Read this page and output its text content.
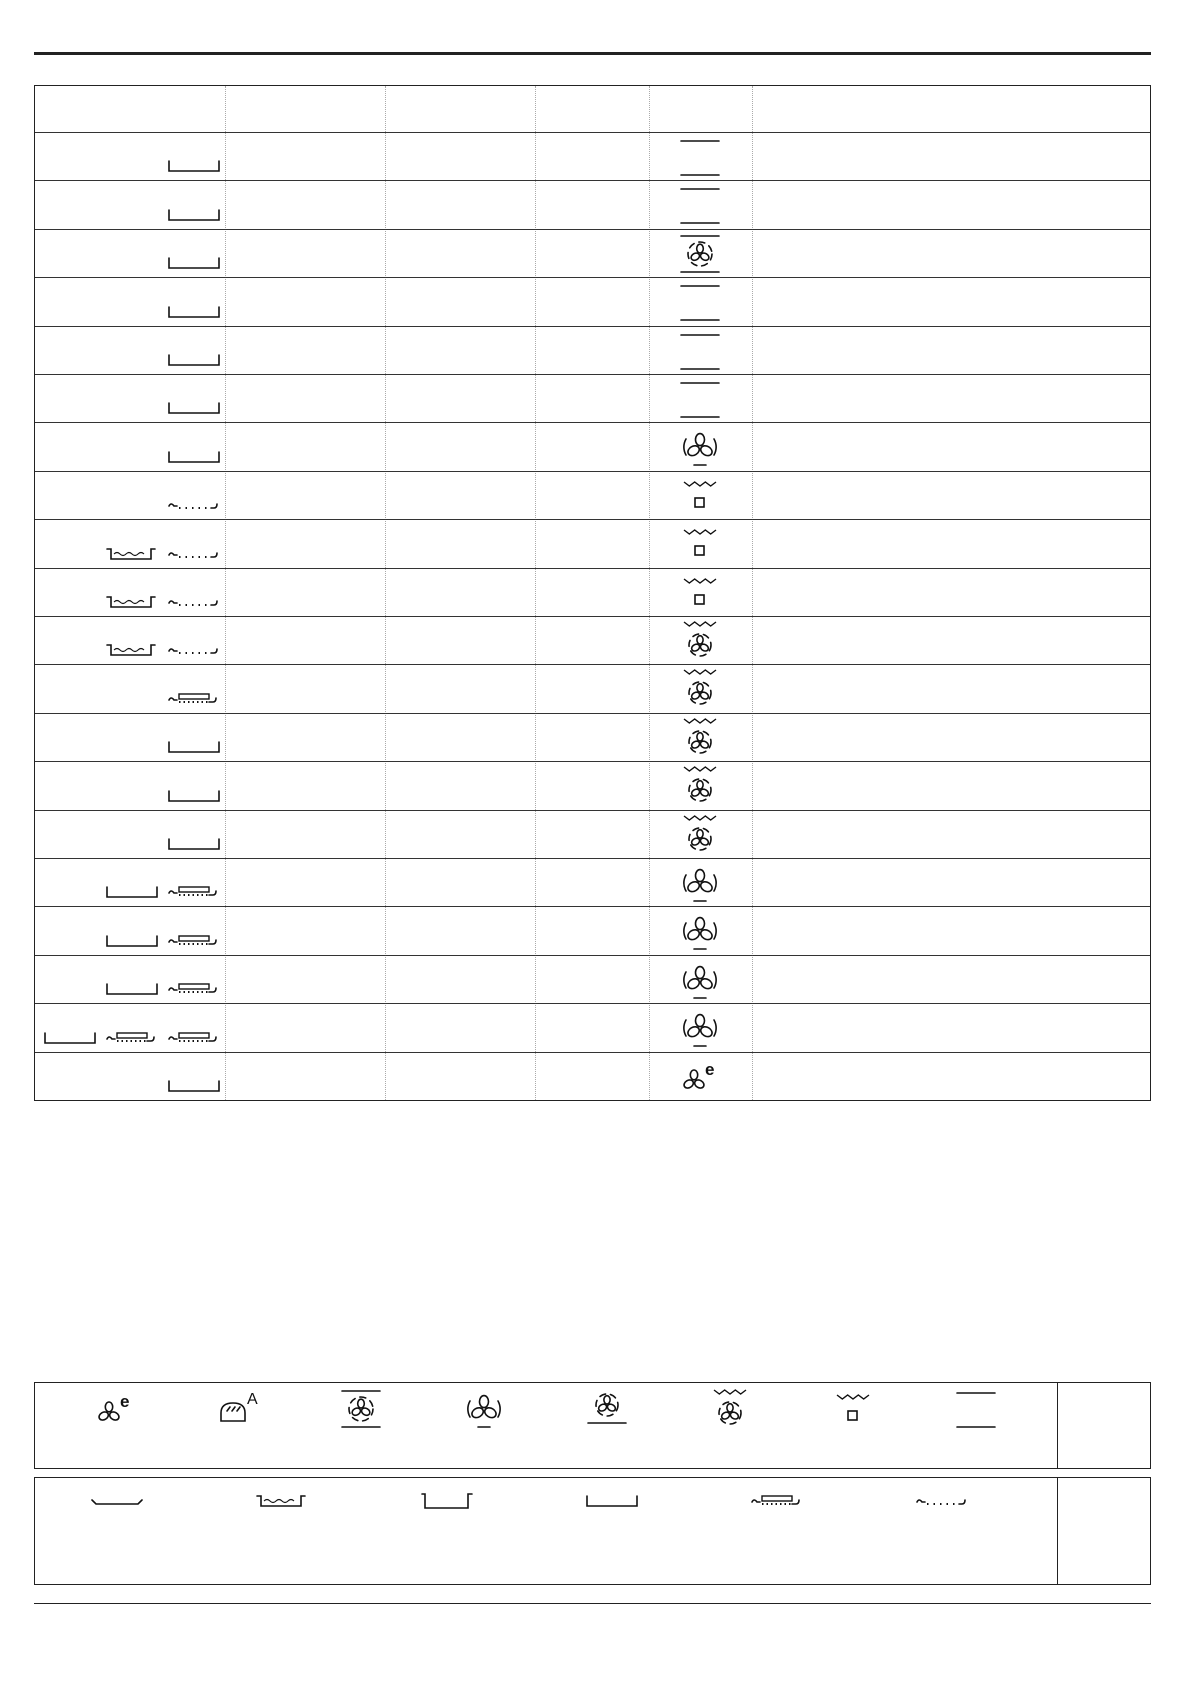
e
e	A
